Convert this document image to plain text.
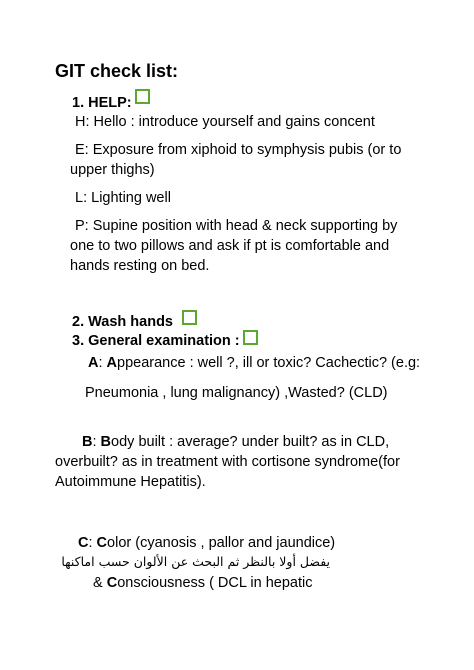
GIT check list:
1. HELP:
H: Hello : introduce yourself and gains concent
E: Exposure from xiphoid to symphysis pubis (or to
upper thighs)
L: Lighting well
P: Supine position with head & neck supporting by
one to two pillows and ask if pt is comfortable and
hands resting on bed.
2. Wash hands
3. General examination :
A: Appearance : well ?, ill or toxic? Cachectic? (e.g:
Pneumonia , lung malignancy) ,Wasted? (CLD)
B: Body built : average? under built? as in CLD,
overbuilt? as in treatment with cortisone syndrome(for
Autoimmune Hepatitis).
C: Color (cyanosis , pallor and jaundice)
يفضل أولا بالنظر ثم البحث عن الألوان حسب اماكنها
& Consciousness ( DCL in hepatic
